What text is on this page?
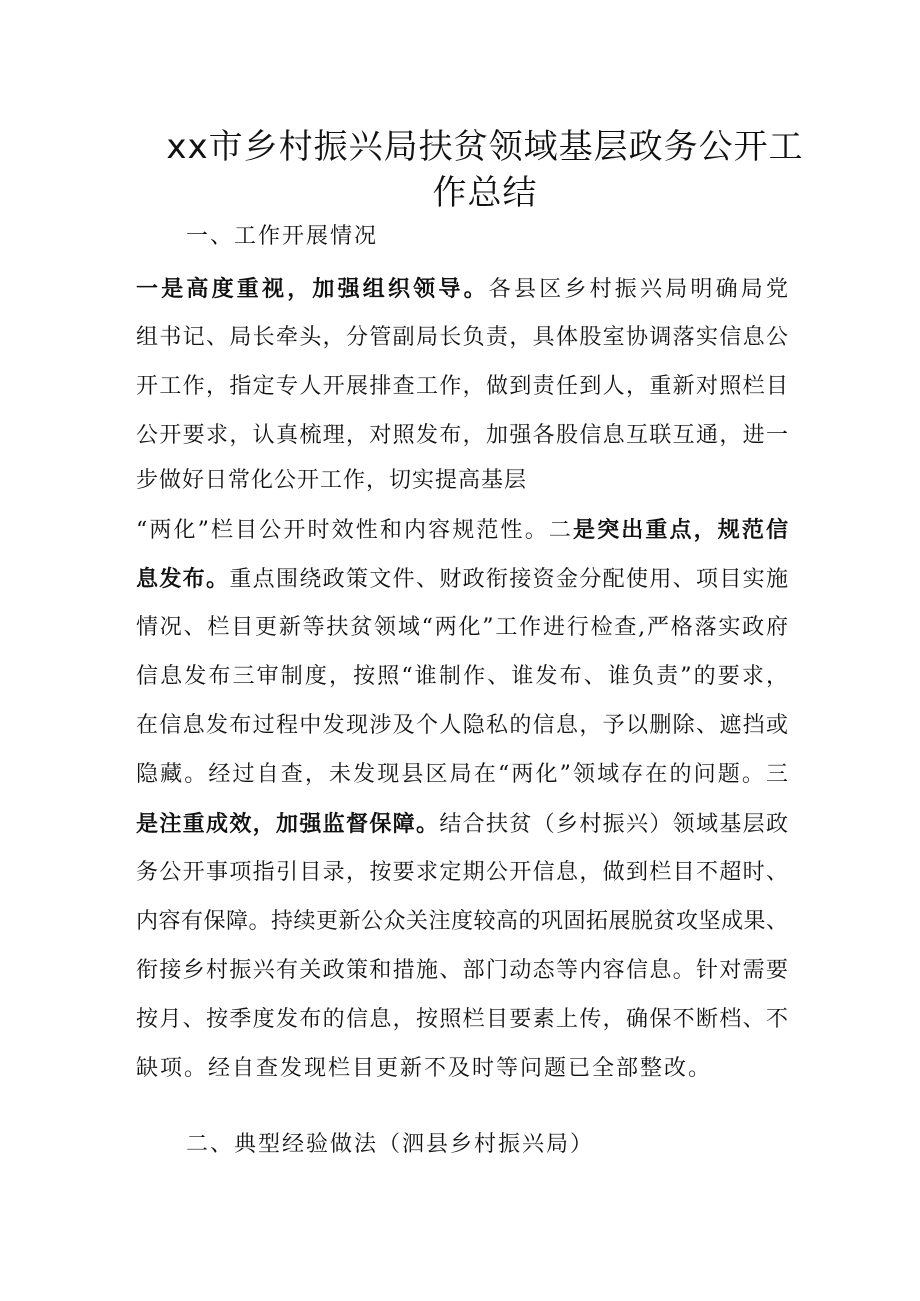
xx市乡村振兴局扶贫领域基层政务公开工
作总结
一、工作开展情况
一是高度重视，加强组织领导。各县区乡村振兴局明确局党
组书记、局长牵头，分管副局长负责，具体股室协调落实信息公
开工作，指定专人开展排查工作，做到责任到人，重新对照栏目
公开要求，认真梳理，对照发布，加强各股信息互联互通，进一
步做好日常化公开工作，切实提高基层
“两化”栏目公开时效性和内容规范性。二是突出重点，规范信
息发布。重点围绕政策文件、财政衔接资金分配使用、项目实施
情况、栏目更新等扶贫领域“两化”工作进行检查,严格落实政府
信息发布三审制度，按照“谁制作、谁发布、谁负责”的要求，
在信息发布过程中发现涉及个人隐私的信息，予以删除、遮挡或
隐藏。经过自查，未发现县区局在“两化”领域存在的问题。三
是注重成效，加强监督保障。结合扶贫（乡村振兴）领域基层政
务公开事项指引目录，按要求定期公开信息，做到栏目不超时、
内容有保障。持续更新公众关注度较高的巩固拓展脱贫攻坚成果、
衔接乡村振兴有关政策和措施、部门动态等内容信息。针对需要
按月、按季度发布的信息，按照栏目要素上传，确保不断档、不
缺项。经自查发现栏目更新不及时等问题已全部整改。
二、典型经验做法（泗县乡村振兴局）
